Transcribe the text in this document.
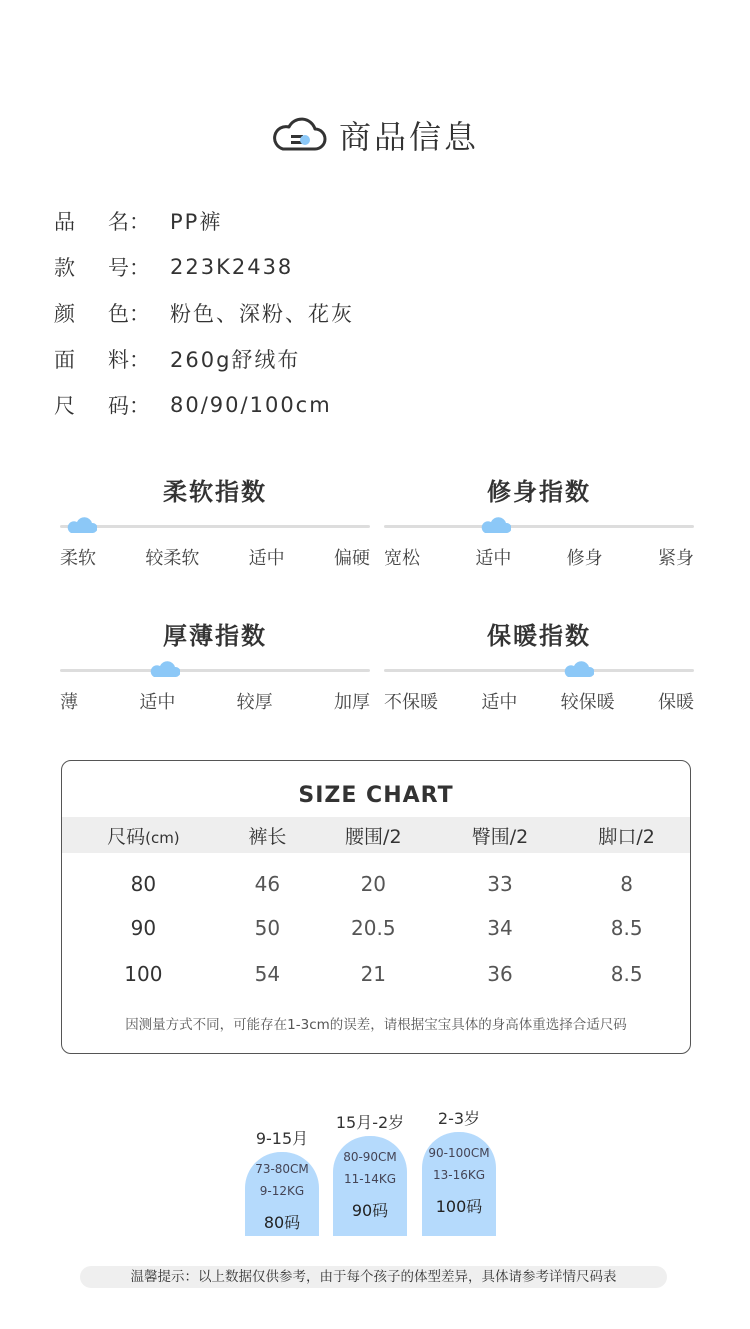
商品信息
品	名： PP裤
款	号： 223K2438
颜	色： 粉色、深粉、花灰
面	料： 260g舒绒布
尺	码： 80/90/100cm
柔软指数
柔软	较柔软	适中	偏硬
修身指数
宽松	适中	修身	紧身
厚薄指数
薄	适中	较厚	加厚
保暖指数
不保暖 适中 较保暖 保暖
SIZE CHART
尺码(cm)	裤长	腰围/2	臀围/2	脚口/2
80	46	20	33	8
90	50	20.5	34	8.5
100	54	21	36	8.5
因测量方式不同，可能存在1-3cm的误差，请根据宝宝具体的身高体重选择合适尺码
9-15月
73-80CM
9-12KG
80码
15月-2岁
80-90CM
11-14KG
90码
2-3岁
90-100CM
13-16KG
100码
温馨提示：以上数据仅供参考，由于每个孩子的体型差异，具体请参考详情尺码表
